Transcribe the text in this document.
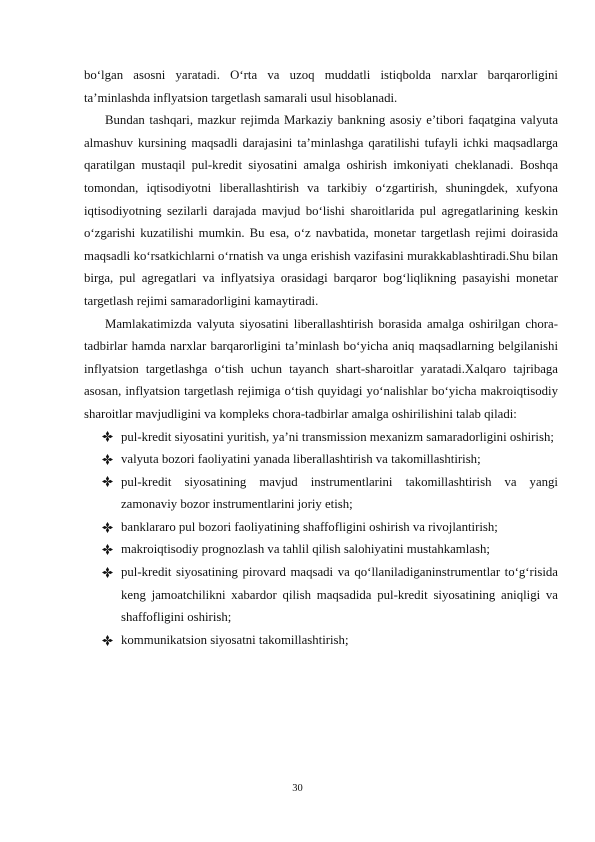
bo‘lgan asosni yaratadi. O‘rta va uzoq muddatli istiqbolda narxlar barqarorligini ta’minlashda inflyatsion targetlash samarali usul hisoblanadi.

Bundan tashqari, mazkur rejimda Markaziy bankning asosiy e’tibori faqatgina valyuta almashuv kursining maqsadli darajasini ta’minlashga qaratilishi tufayli ichki maqsadlarga qaratilgan mustaqil pul-kredit siyosatini amalga oshirish imkoniyati cheklanadi. Boshqa tomondan, iqtisodiyotni liberallashtirish va tarkibiy o‘zgartirish, shuningdek, xufyona iqtisodiyotning sezilarli darajada mavjud bo‘lishi sharoitlarida pul agregatlarining keskin o‘zgarishi kuzatilishi mumkin. Bu esa, o‘z navbatida, monetar targetlash rejimi doirasida maqsadli ko‘rsatkichlarni o‘rnatish va unga erishish vazifasini murakkablashtiradi.Shu bilan birga, pul agregatlari va inflyatsiya orasidagi barqaror bog‘liqlikning pasayishi monetar targetlash rejimi samaradorligini kamaytiradi.

Mamlakatimizda valyuta siyosatini liberallashtirish borasida amalga oshirilgan chora-tadbirlar hamda narxlar barqarorligini ta’minlash bo‘yicha aniq maqsadlarning belgilanishi inflyatsion targetlashga o‘tish uchun tayanch shart-sharoitlar yaratadi.Xalqaro tajribaga asosan, inflyatsion targetlash rejimiga o‘tish quyidagi yo‘nalishlar bo‘yicha makroiqtisodiy sharoitlar mavjudligini va kompleks chora-tadbirlar amalga oshirilishini talab qiladi:

pul-kredit siyosatini yuritish, ya’ni transmission mexanizm samaradorligini oshirish;
valyuta bozori faoliyatini yanada liberallashtirish va takomillashtirish;
pul-kredit siyosatining mavjud instrumentlarini takomillashtirish va yangi zamonaviy bozor instrumentlarini joriy etish;
banklararo pul bozori faoliyatining shaffofligini oshirish va rivojlantirish;
makroiqtisodiy prognozlash va tahlil qilish salohiyatini mustahkamlash;
pul-kredit siyosatining pirovard maqsadi va qo‘llaniladiganinstrumentlar to‘g‘risida keng jamoatchilikni xabardor qilish maqsadida pul-kredit siyosatining aniqligi va shaffofligini oshirish;
kommunikatsion siyosatni takomillashtirish;
30
